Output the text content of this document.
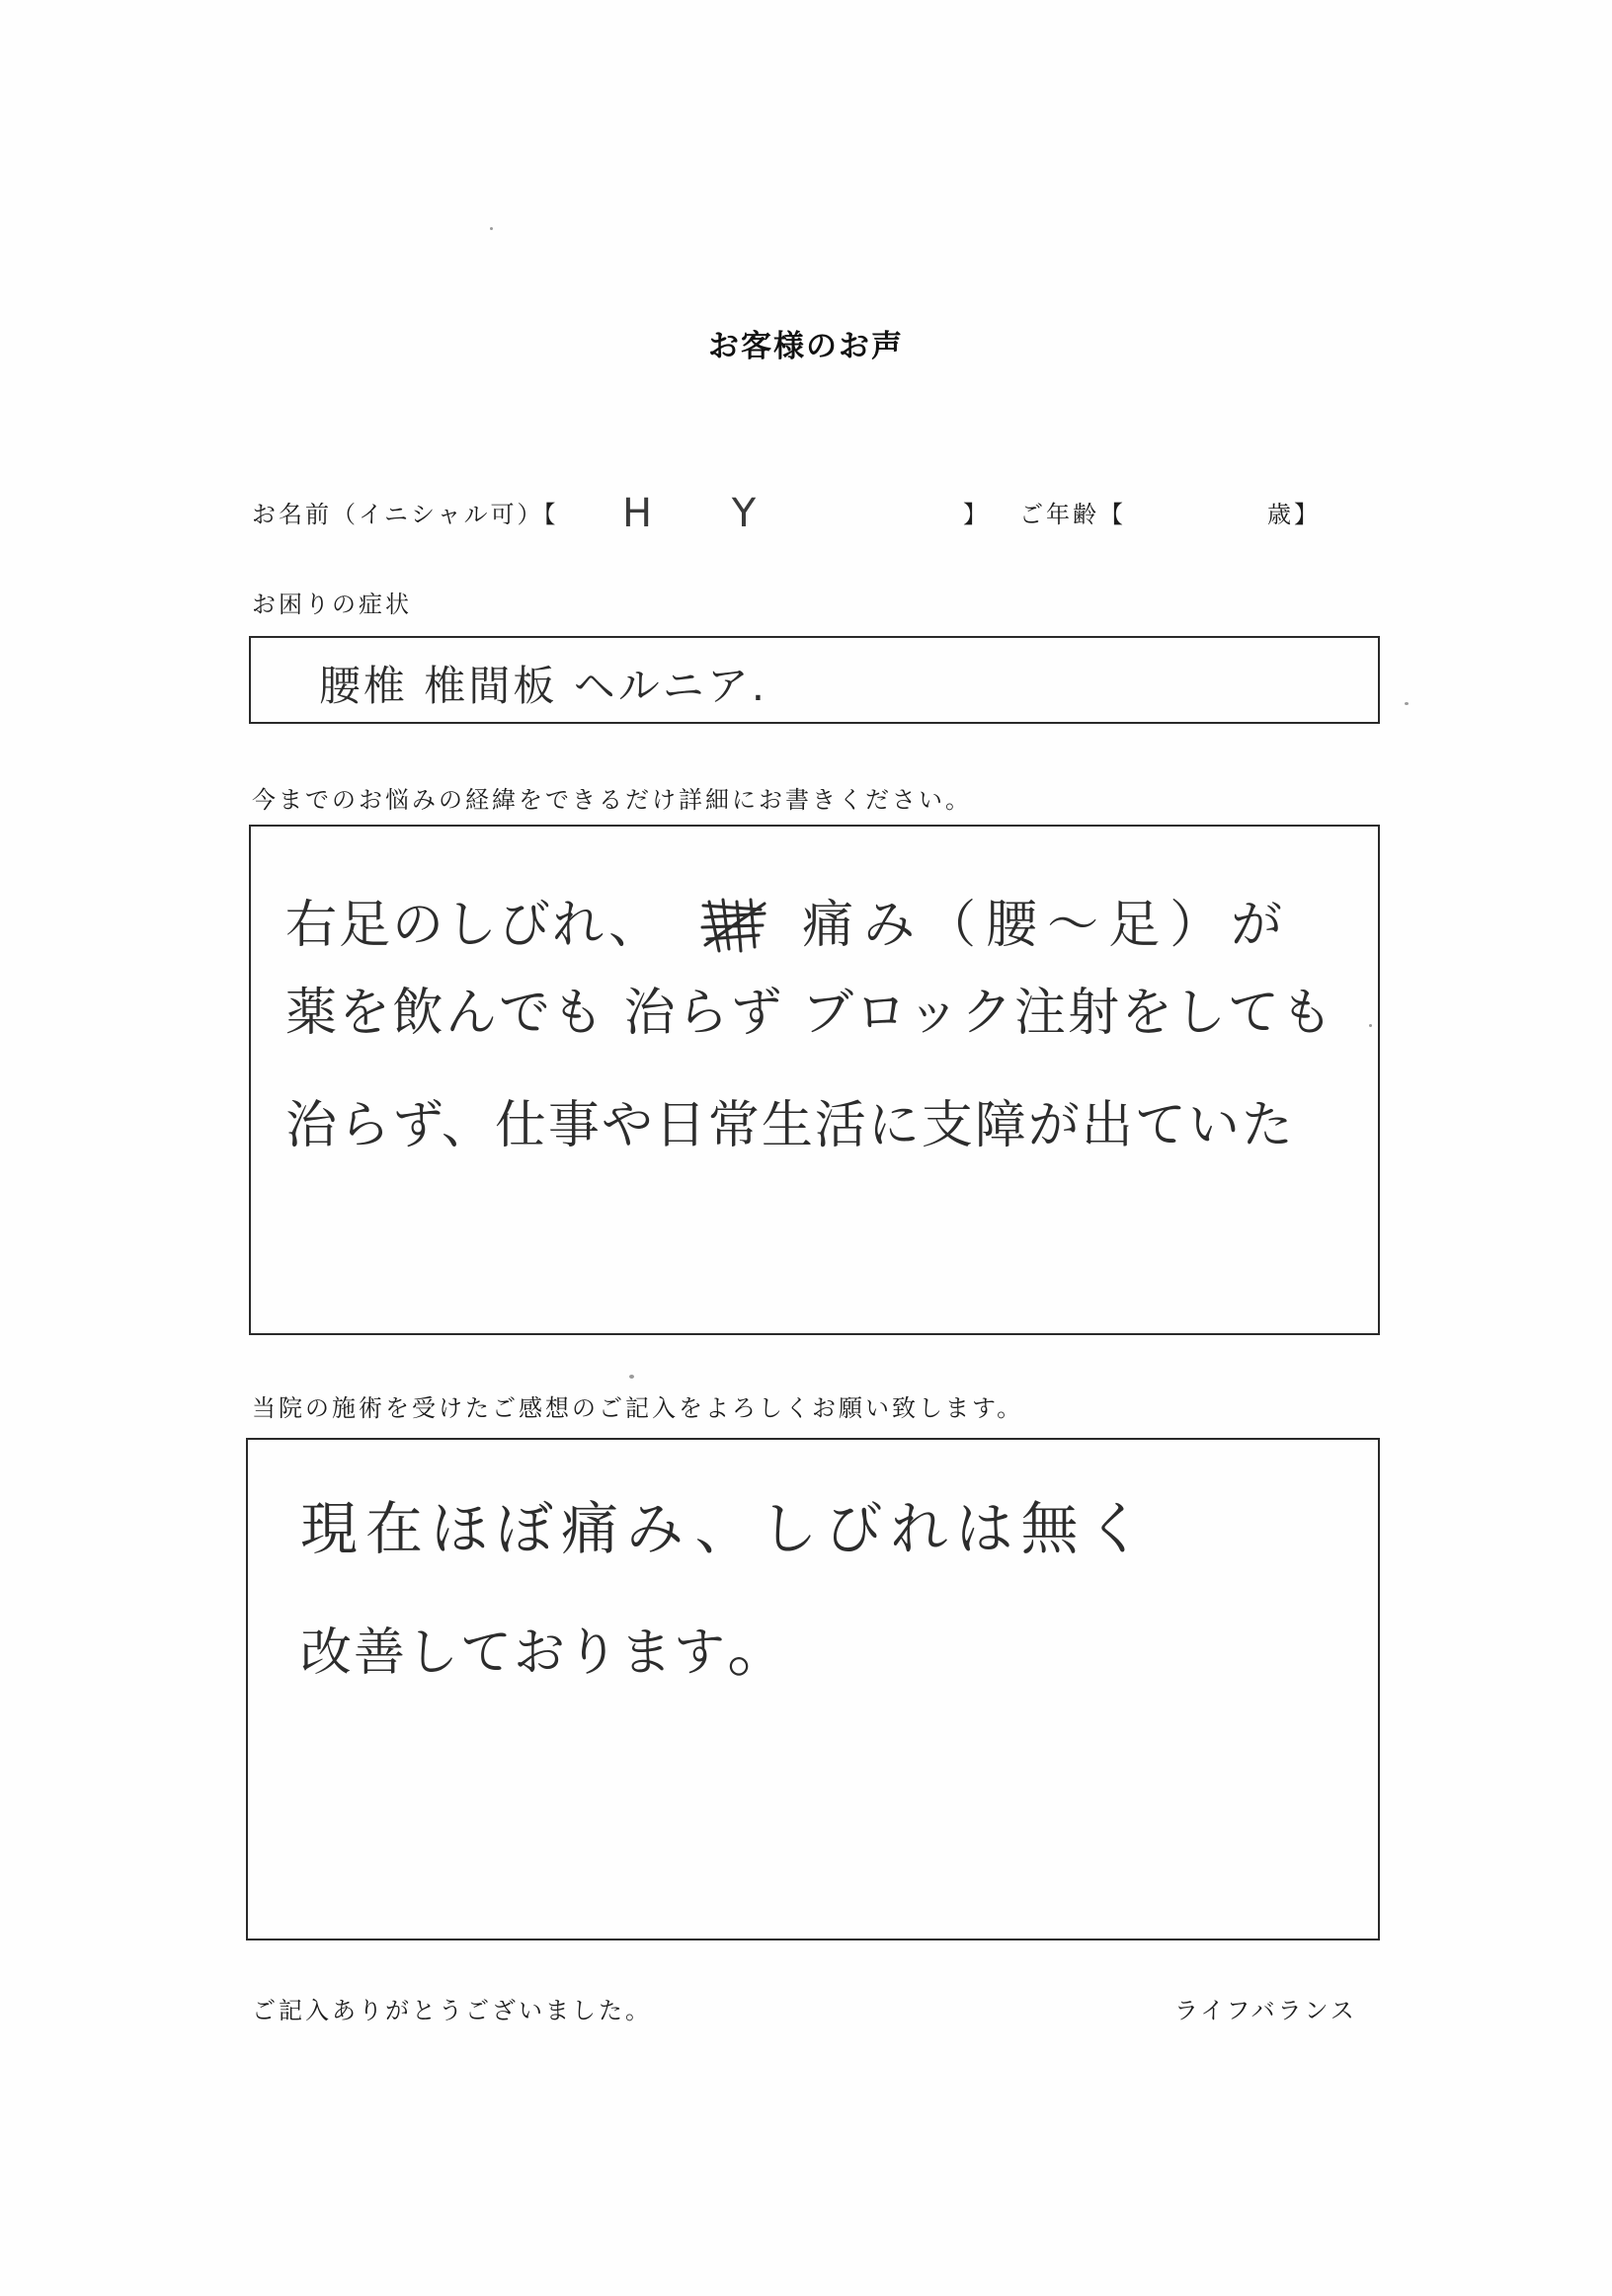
お客様のお声
お名前（イニシャル可）【 H Y	】 ご年齢【	歳】
お困りの症状
腰椎 椎間板 ヘルニア.
今までのお悩みの経緯をできるだけ詳細にお書きください。
右足のしびれ、	痛み（腰～足）が
薬を飲んでも 治らず ブロック注射をしても
治らず、仕事や日常生活に支障が出ていた
当院の施術を受けたご感想のご記入をよろしくお願い致します。
現在ほぼ痛み、しびれは無く
改善しております。
ご記入ありがとうございました。	ライフバランス
